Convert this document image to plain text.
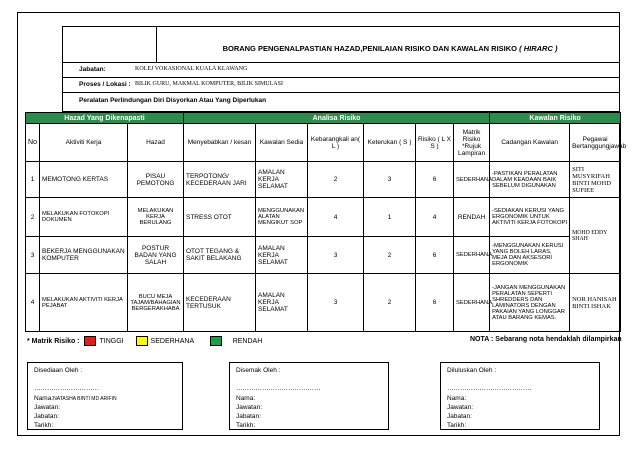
BORANG PENGENALPASTIAN HAZAD,PENILAIAN RISIKO DAN KAWALAN RISIKO ( HIRARC )
Jabatan:	KOLEJ VOKASIONAL KUALA KLAWANG
Proses / Lokasi : BILIK GURU, MAKMAL KOMPUTER, BILIK SIMULASI
Peralatan Perlindungan Diri Disyorkan Atau Yang Diperlukan
Hazad Yang Dikenapasti			Analisa Risiko						Kawalan Risiko	
No	Aktiviti Kerja	Hazad	Menyebabkan / kesan	Kawalan Sedia	Kebarangkali an( L )	Keterukan ( S )	Risiko ( L X S )	Matrik Risiko *Rujuk Lampiran	Cadangan Kawalan	Pegawai Bertanggungjawab
1	MEMOTONG KERTAS	PISAU PEMOTONG	TERPOTONG/ KECEDERAAN JARI	AMALAN KERJA SELAMAT	2	3	6	SEDERHANA	-PASTIKAN PERALATAN DALAM KEADAAN BAIK SEBELUM DIGUNAKAN	SITI MUSYRIFAH BINTI MOHD SUFIEE
2	MELAKUKAN FOTOKOPI DOKUMEN	MELAKUKAN KERJA BERULANG	STRESS OTOT	MENGGUNAKAN ALATAN MENGIKUT SOP	4	1	4	RENDAH	-SEDIAKAN KERUSI YANG ERGONOMIK UNTUK AKTIVITI KERJA FOTOKOPI	MOHD EDDY SHAH
3	BEKERJA MENGGUNAKAN KOMPUTER	POSTUR BADAN YANG SALAH	OTOT TEGANG & SAKIT BELAKANG	AMALAN KERJA SELAMAT	3	2	6	SEDERHANA	-MENGGUNAKAN KERUSI YANG BOLEH LARAS, MEJA DAN AKSESORI ERGONOMIK	
4	MELAKUKAN AKTIVITI KERJA PEJABAT	BUCU MEJA TAJAM/BAHAGIAN BERGERAKHABA	KECEDERAAN TERTUSUK	AMALAN KERJA SELAMAT	3	2	6	SEDERHANA	-JANGAN MENGGUNAKAN PERALATAN SEPERTI SHREDDERS DAN LAMINATORS DENGAN PAKAIAN YANG LONGGAR ATAU BARANG KEMAS.	NOR HANISAH BINTI ISHAK
* Matrik Risiko :	TINGGI	SEDERHANA	RENDAH	NOTA : Sebarang nota hendaklah dilampirkan
Disediaan Oleh :
…………………………
Nama:NATASHA BINTI MD ARIFIN
Jawatan:
Jabatan:
Tarikh:
Disemak Oleh :
…………………………………
Nama:
Jawatan:
Jabatan:
Tarikh:
Diluluskan Oleh :
…………………………………
Nama:
Jawatan:
Jabatan:
Tarikh:
